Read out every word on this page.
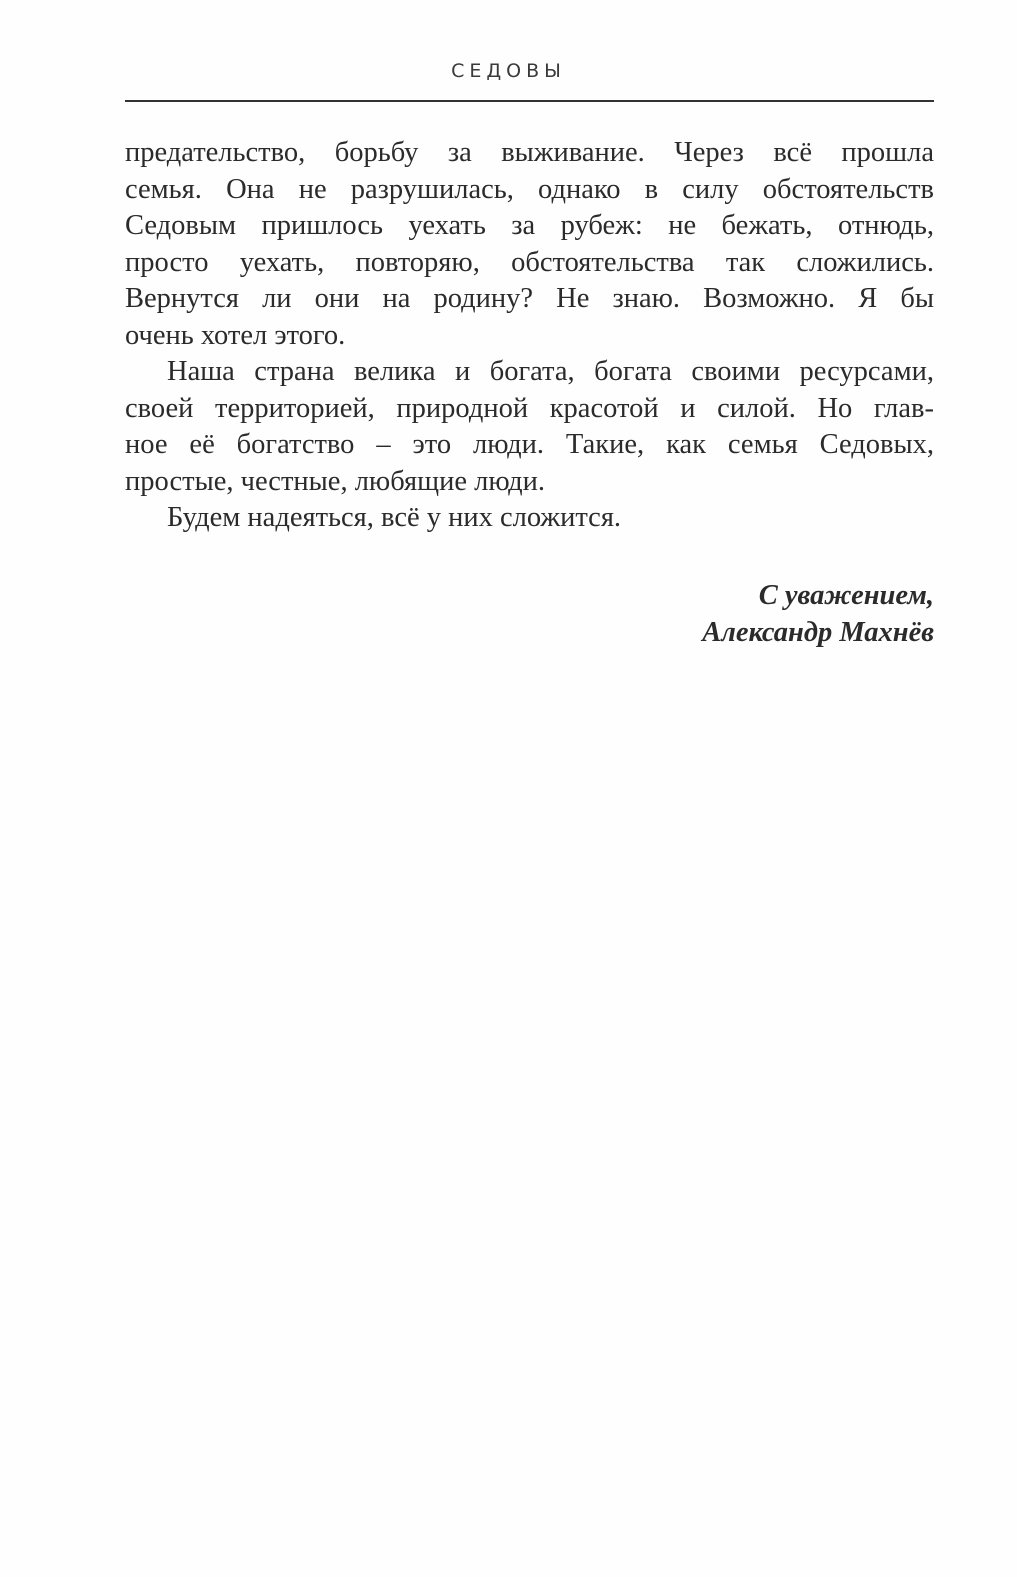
СЕДОВЫ

предательство, борьбу за выживание. Через всё прошла
семья. Она не разрушилась, однако в силу обстоятельств
Седовым пришлось уехать за рубеж: не бежать, отнюдь,
просто уехать, повторяю, обстоятельства так сложились.
Вернутся ли они на родину? Не знаю. Возможно. Я бы
очень хотел этого.

Наша страна велика и богата, богата своими ресурсами,
своей территорией, природной красотой и силой. Но глав-
ное её богатство – это люди. Такие, как семья Седовых,
простые, честные, любящие люди.

Будем надеяться, всё у них сложится.

С уважением,
Александр Махнёв
